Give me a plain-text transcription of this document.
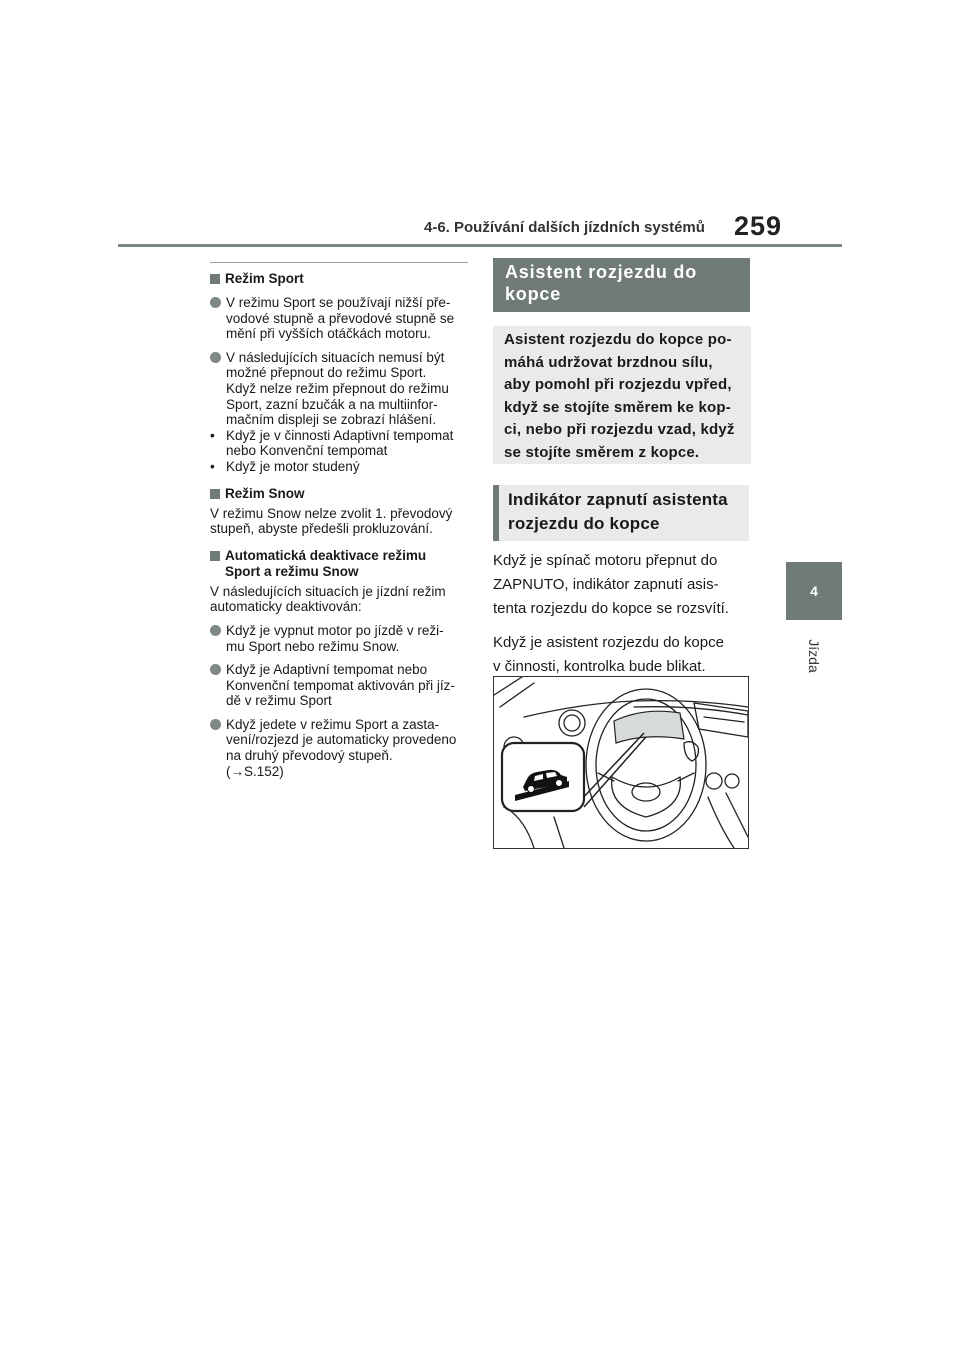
4-6. Používání dalších jízdních systémů 259
4
Jízda
Režim Sport
V režimu Sport se používají nižší pře-
vodové stupně a převodové stupně se
mění při vyšších otáčkách motoru.
V následujících situacích nemusí být
možné přepnout do režimu Sport.
Když nelze režim přepnout do režimu
Sport, zazní bzučák a na multiinfor-
mačním displeji se zobrazí hlášení.
• Když je v činnosti Adaptivní tempomat
nebo Konvenční tempomat
• Když je motor studený
Režim Snow
V režimu Snow nelze zvolit 1. převodový
stupeň, abyste předešli prokluzování.
Automatická deaktivace režimu
Sport a režimu Snow
V následujících situacích je jízdní režim
automaticky deaktivován:
Když je vypnut motor po jízdě v reži-
mu Sport nebo režimu Snow.
Když je Adaptivní tempomat nebo
Konvenční tempomat aktivován při jíz-
dě v režimu Sport
Když jedete v režimu Sport a zasta-
vení/rozjezd je automaticky provedeno
na druhý převodový stupeň.
(→S.152)
Asistent rozjezdu do
kopce
Asistent rozjezdu do kopce po-
máhá udržovat brzdnou sílu,
aby pomohl při rozjezdu vpřed,
když se stojíte směrem ke kop-
ci, nebo při rozjezdu vzad, když
se stojíte směrem z kopce.
Indikátor zapnutí asistenta
rozjezdu do kopce

Když je spínač motoru přepnut do
ZAPNUTO, indikátor zapnutí asis-
tenta rozjezdu do kopce se rozsvítí.

Když je asistent rozjezdu do kopce
v činnosti, kontrolka bude blikat.
